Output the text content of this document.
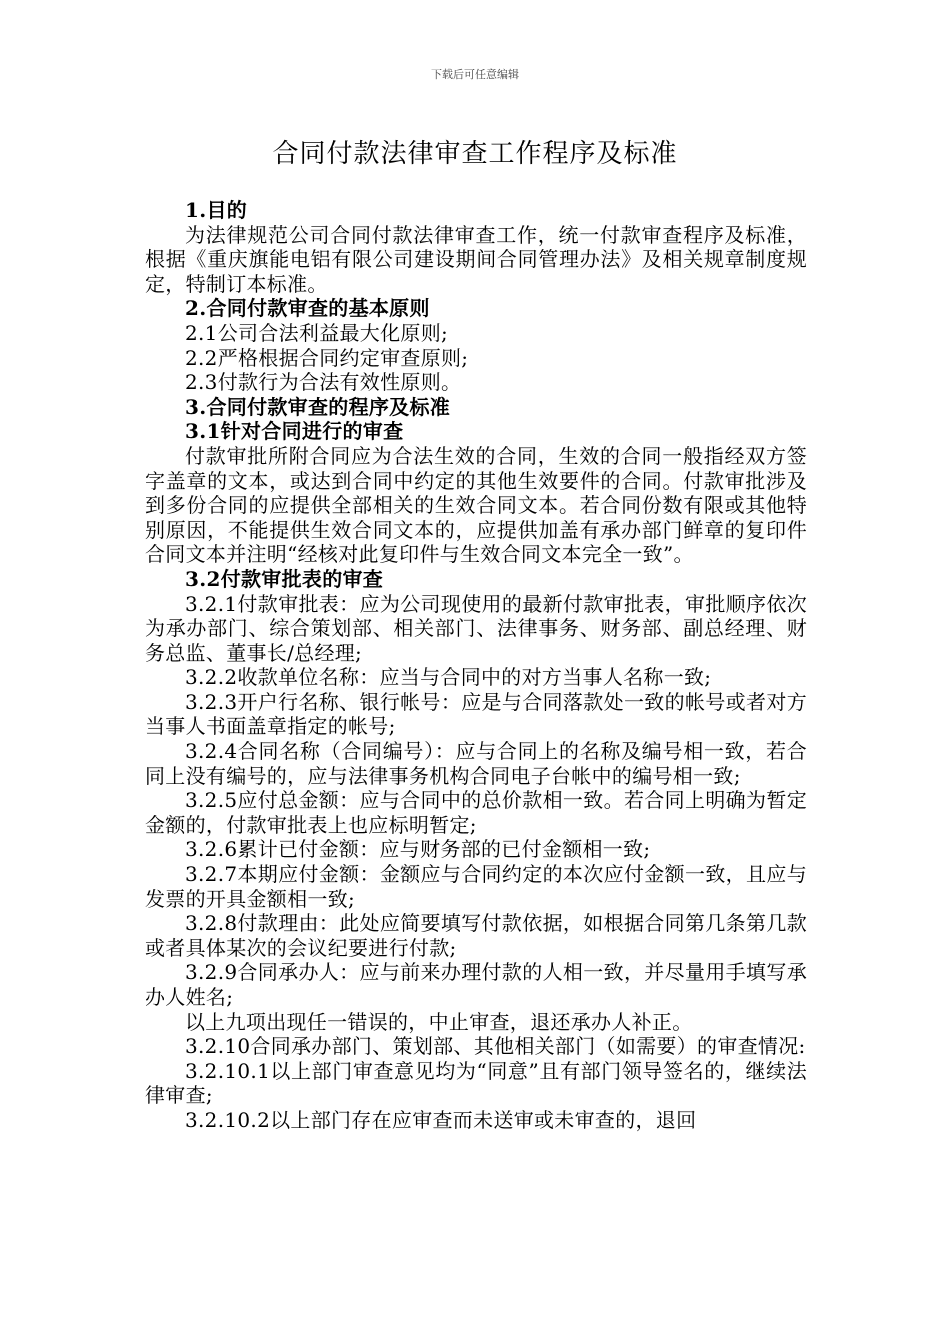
下载后可任意编辑
合同付款法律审查工作程序及标准

1.目的

为法律规范公司合同付款法律审查工作，统一付款审查程序及标准，根据《重庆旗能电铝有限公司建设期间合同管理办法》及相关规章制度规定，特制订本标准。

2.合同付款审查的基本原则

2.1公司合法利益最大化原则;

2.2严格根据合同约定审查原则;

2.3付款行为合法有效性原则。

3.合同付款审查的程序及标准

3.1针对合同进行的审查

付款审批所附合同应为合法生效的合同，生效的合同一般指经双方签字盖章的文本，或达到合同中约定的其他生效要件的合同。付款审批涉及到多份合同的应提供全部相关的生效合同文本。若合同份数有限或其他特别原因，不能提供生效合同文本的，应提供加盖有承办部门鲜章的复印件合同文本并注明“经核对此复印件与生效合同文本完全一致”。

3.2付款审批表的审查

3.2.1付款审批表：应为公司现使用的最新付款审批表，审批顺序依次为承办部门、综合策划部、相关部门、法律事务、财务部、副总经理、财务总监、董事长/总经理;

3.2.2收款单位名称：应当与合同中的对方当事人名称一致;

3.2.3开户行名称、银行帐号：应是与合同落款处一致的帐号或者对方当事人书面盖章指定的帐号;

3.2.4合同名称（合同编号）：应与合同上的名称及编号相一致，若合同上没有编号的，应与法律事务机构合同电子台帐中的编号相一致;

3.2.5应付总金额：应与合同中的总价款相一致。若合同上明确为暂定金额的，付款审批表上也应标明暂定;

3.2.6累计已付金额：应与财务部的已付金额相一致;

3.2.7本期应付金额：金额应与合同约定的本次应付金额一致，且应与发票的开具金额相一致;

3.2.8付款理由：此处应简要填写付款依据，如根据合同第几条第几款或者具体某次的会议纪要进行付款;

3.2.9合同承办人：应与前来办理付款的人相一致，并尽量用手填写承办人姓名;

以上九项出现任一错误的，中止审查，退还承办人补正。

3.2.10合同承办部门、策划部、其他相关部门（如需要）的审查情况:

3.2.10.1以上部门审查意见均为“同意”且有部门领导签名的，继续法律审查;

3.2.10.2以上部门存在应审查而未送审或未审查的，退回
